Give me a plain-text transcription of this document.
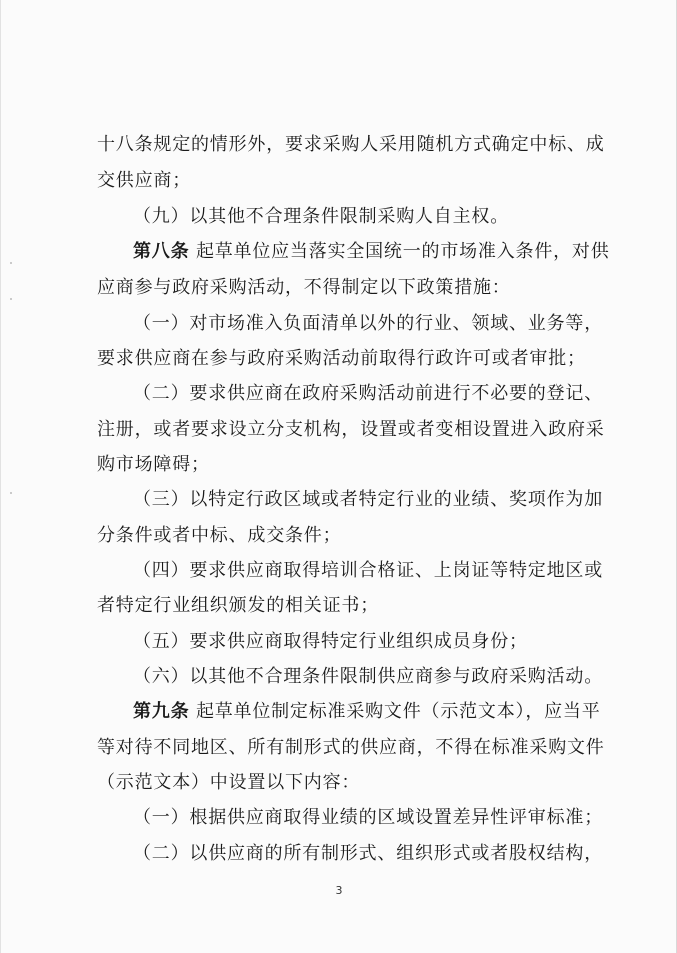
十八条规定的情形外，要求采购人采用随机方式确定中标、成
交供应商；
（九）以其他不合理条件限制采购人自主权。
第八条 起草单位应当落实全国统一的市场准入条件，对供
应商参与政府采购活动，不得制定以下政策措施：
（一）对市场准入负面清单以外的行业、领域、业务等，
要求供应商在参与政府采购活动前取得行政许可或者审批；
（二）要求供应商在政府采购活动前进行不必要的登记、
注册，或者要求设立分支机构，设置或者变相设置进入政府采
购市场障碍；
（三）以特定行政区域或者特定行业的业绩、奖项作为加
分条件或者中标、成交条件；
（四）要求供应商取得培训合格证、上岗证等特定地区或
者特定行业组织颁发的相关证书；
（五）要求供应商取得特定行业组织成员身份；
（六）以其他不合理条件限制供应商参与政府采购活动。
第九条 起草单位制定标准采购文件（示范文本），应当平
等对待不同地区、所有制形式的供应商，不得在标准采购文件
（示范文本）中设置以下内容：
（一）根据供应商取得业绩的区域设置差异性评审标准；
（二）以供应商的所有制形式、组织形式或者股权结构，
3
